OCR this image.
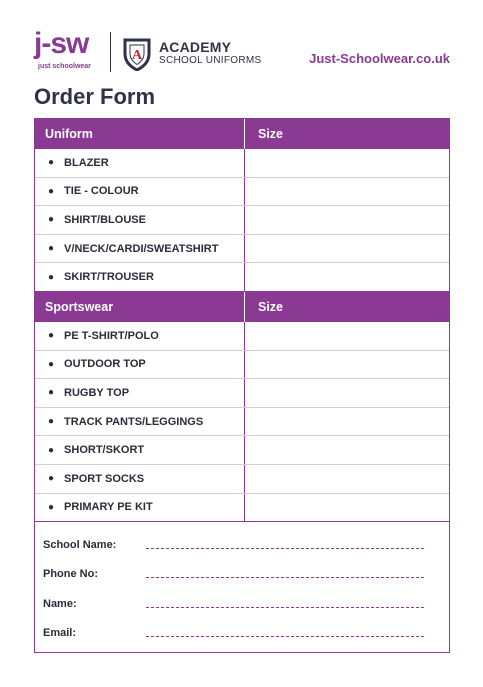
j-sw
just schoolwear
A
ACADEMY
SCHOOL UNIFORMS	Just-Schoolwear.co.uk
Order Form
Uniform	Size
● BLAZER
● TIE - COLOUR
● SHIRT/BLOUSE
● V/NECK/CARDI/SWEATSHIRT
● SKIRT/TROUSER
Sportswear	Size
● PE T-SHIRT/POLO
● OUTDOOR TOP
● RUGBY TOP
● TRACK PANTS/LEGGINGS
● SHORT/SKORT
● SPORT SOCKS
● PRIMARY PE KIT
School Name:
Phone No:
Name:
Email:
